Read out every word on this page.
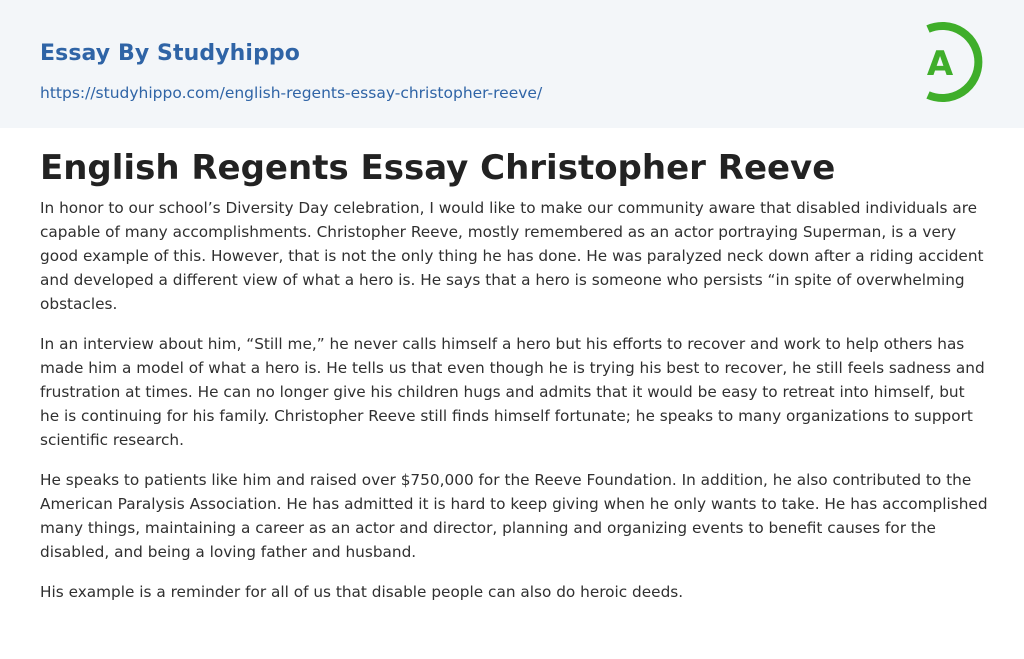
Essay By Studyhippo
https://studyhippo.com/english-regents-essay-christopher-reeve/
A
English Regents Essay Christopher Reeve

In honor to our school’s Diversity Day celebration, I would like to make our community aware that disabled individuals are capable of many accomplishments. Christopher Reeve, mostly remembered as an actor portraying Superman, is a very good example of this. However, that is not the only thing he has done. He was paralyzed neck down after a riding accident and developed a different view of what a hero is. He says that a hero is someone who persists “in spite of overwhelming obstacles.

In an interview about him, “Still me,” he never calls himself a hero but his efforts to recover and work to help others has made him a model of what a hero is. He tells us that even though he is trying his best to recover, he still feels sadness and frustration at times. He can no longer give his children hugs and admits that it would be easy to retreat into himself, but he is continuing for his family. Christopher Reeve still finds himself fortunate; he speaks to many organizations to support scientific research.

He speaks to patients like him and raised over $750,000 for the Reeve Foundation. In addition, he also contributed to the American Paralysis Association. He has admitted it is hard to keep giving when he only wants to take. He has accomplished many things, maintaining a career as an actor and director, planning and organizing events to benefit causes for the disabled, and being a loving father and husband.

His example is a reminder for all of us that disable people can also do heroic deeds.
